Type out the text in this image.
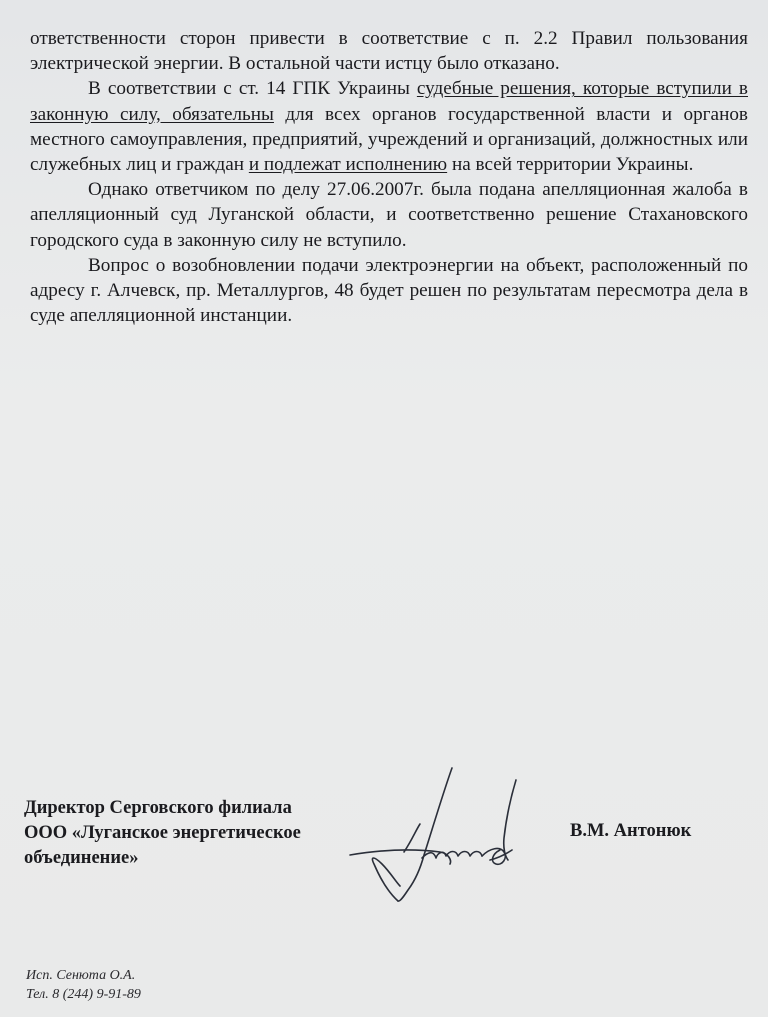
ответственности сторон привести в соответствие с п. 2.2 Правил пользования электрической энергии. В остальной части истцу было отказано.

В соответствии с ст. 14 ГПК Украины судебные решения, которые вступили в законную силу, обязательны для всех органов государственной власти и органов местного самоуправления, предприятий, учреждений и организаций, должностных или служебных лиц и граждан и подлежат исполнению на всей территории Украины.

Однако ответчиком по делу 27.06.2007г. была подана апелляционная жалоба в апелляционный суд Луганской области, и соответственно решение Стахановского городского суда в законную силу не вступило.

Вопрос о возобновлении подачи электроэнергии на объект, расположенный по адресу г. Алчевск, пр. Металлургов, 48 будет решен по результатам пересмотра дела в суде апелляционной инстанции.

Директор Серговского филиала
ООО «Луганское энергетическое
объединение»
В.М. Антонюк
Исп. Сенюта О.А.
Тел. 8 (244) 9-91-89
